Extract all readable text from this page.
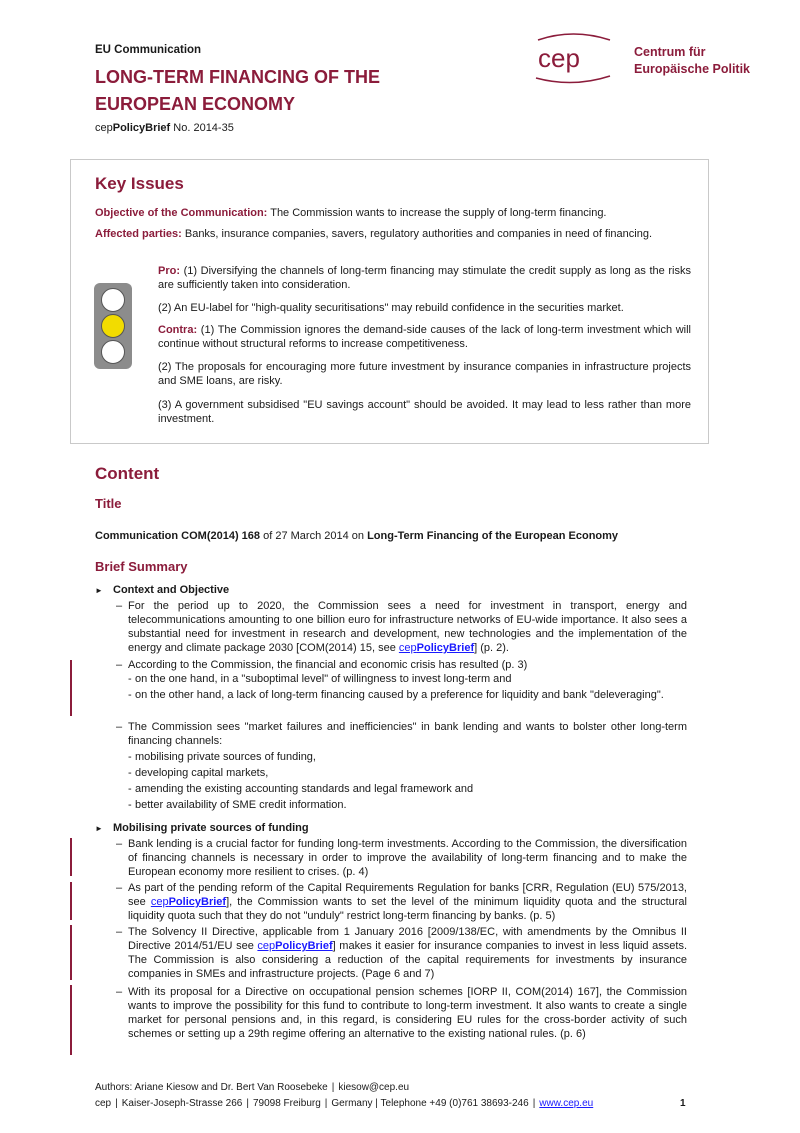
EU Communication
LONG-TERM FINANCING OF THE EUROPEAN ECONOMY
cepPolicyBrief No. 2014-35
cep	Centrum für
Europäische Politik
Key Issues
Objective of the Communication: The Commission wants to increase the supply of long-term financing.
Affected parties: Banks, insurance companies, savers, regulatory authorities and companies in need of financing.
Pro: (1) Diversifying the channels of long-term financing may stimulate the credit supply as long as the risks are sufficiently taken into consideration.
(2) An EU-label for "high-quality securitisations" may rebuild confidence in the securities market.
Contra: (1) The Commission ignores the demand-side causes of the lack of long-term investment which will continue without structural reforms to increase competitiveness.
(2) The proposals for encouraging more future investment by insurance companies in infrastructure projects and SME loans, are risky.
(3) A government subsidised "EU savings account" should be avoided. It may lead to less rather than more investment.
Content
Title
Communication COM(2014) 168 of 27 March 2014 on Long-Term Financing of the European Economy
Brief Summary
► Context and Objective
– For the period up to 2020, the Commission sees a need for investment in transport, energy and telecommunications amounting to one billion euro for infrastructure networks of EU-wide importance. It also sees a substantial need for investment in research and development, new technologies and the implementation of the energy and climate package 2030 [COM(2014) 15, see cepPolicyBrief] (p. 2).
– According to the Commission, the financial and economic crisis has resulted (p. 3)
- on the one hand, in a "suboptimal level" of willingness to invest long-term and
- on the other hand, a lack of long-term financing caused by a preference for liquidity and bank "deleveraging".
– The Commission sees "market failures and inefficiencies" in bank lending and wants to bolster other long-term financing channels:
- mobilising private sources of funding,
- developing capital markets,
- amending the existing accounting standards and legal framework and
- better availability of SME credit information.
► Mobilising private sources of funding
– Bank lending is a crucial factor for funding long-term investments. According to the Commission, the diversification of financing channels is necessary in order to improve the availability of long-term financing and to make the European economy more resilient to crises. (p. 4)
– As part of the pending reform of the Capital Requirements Regulation for banks [CRR, Regulation (EU) 575/2013, see cepPolicyBrief], the Commission wants to set the level of the minimum liquidity quota and the structural liquidity quota such that they do not "unduly" restrict long-term financing by banks. (p. 5)
– The Solvency II Directive, applicable from 1 January 2016 [2009/138/EC, with amendments by the Omnibus II Directive 2014/51/EU see cepPolicyBrief] makes it easier for insurance companies to invest in less liquid assets. The Commission is also considering a reduction of the capital requirements for investments by insurance companies in SMEs and infrastructure projects. (Page 6 and 7)
– With its proposal for a Directive on occupational pension schemes [IORP II, COM(2014) 167], the Commission wants to improve the possibility for this fund to contribute to long-term investment. It also wants to create a single market for personal pensions and, in this regard, is considering EU rules for the cross-border activity of such schemes or setting up a 29th regime offering an alternative to the existing national rules. (p. 6)
Authors: Ariane Kiesow and Dr. Bert Van Roosebeke | kiesow@cep.eu
cep | Kaiser-Joseph-Strasse 266 | 79098 Freiburg | Germany | Telephone +49 (0)761 38693-246 | www.cep.eu	1
